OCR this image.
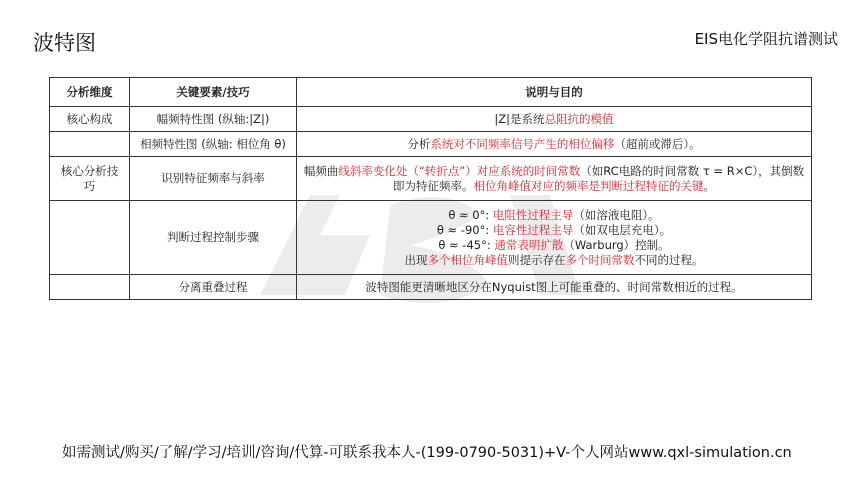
波特图	EIS电化学阻抗谱测试
分析维度	关键要素/技巧	说明与目的
核心构成	幅频特性图 (纵轴:|Z|)	|Z|是系统总阻抗的模值
	相频特性图 (纵轴: 相位角 θ)	分析系统对不同频率信号产生的相位偏移（超前或滞后）。
核心分析技巧	识别特征频率与斜率	幅频曲线斜率变化处（“转折点”）对应系统的时间常数（如RC电路的时间常数 τ = R×C），其倒数即为特征频率。相位角峰值对应的频率是判断过程特征的关键。
	判断过程控制步骤	θ ≈ 0°: 电阻性过程主导（如溶液电阻）。
θ ≈ -90°: 电容性过程主导（如双电层充电）。
θ ≈ -45°: 通常表明扩散（Warburg）控制。
出现多个相位角峰值则提示存在多个时间常数不同的过程。

	分离重叠过程	波特图能更清晰地区分在Nyquist图上可能重叠的、时间常数相近的过程。
如需测试/购买/了解/学习/培训/咨询/代算-可联系我本人-(199-0790-5031)+V-个人网站www.qxl-simulation.cn
